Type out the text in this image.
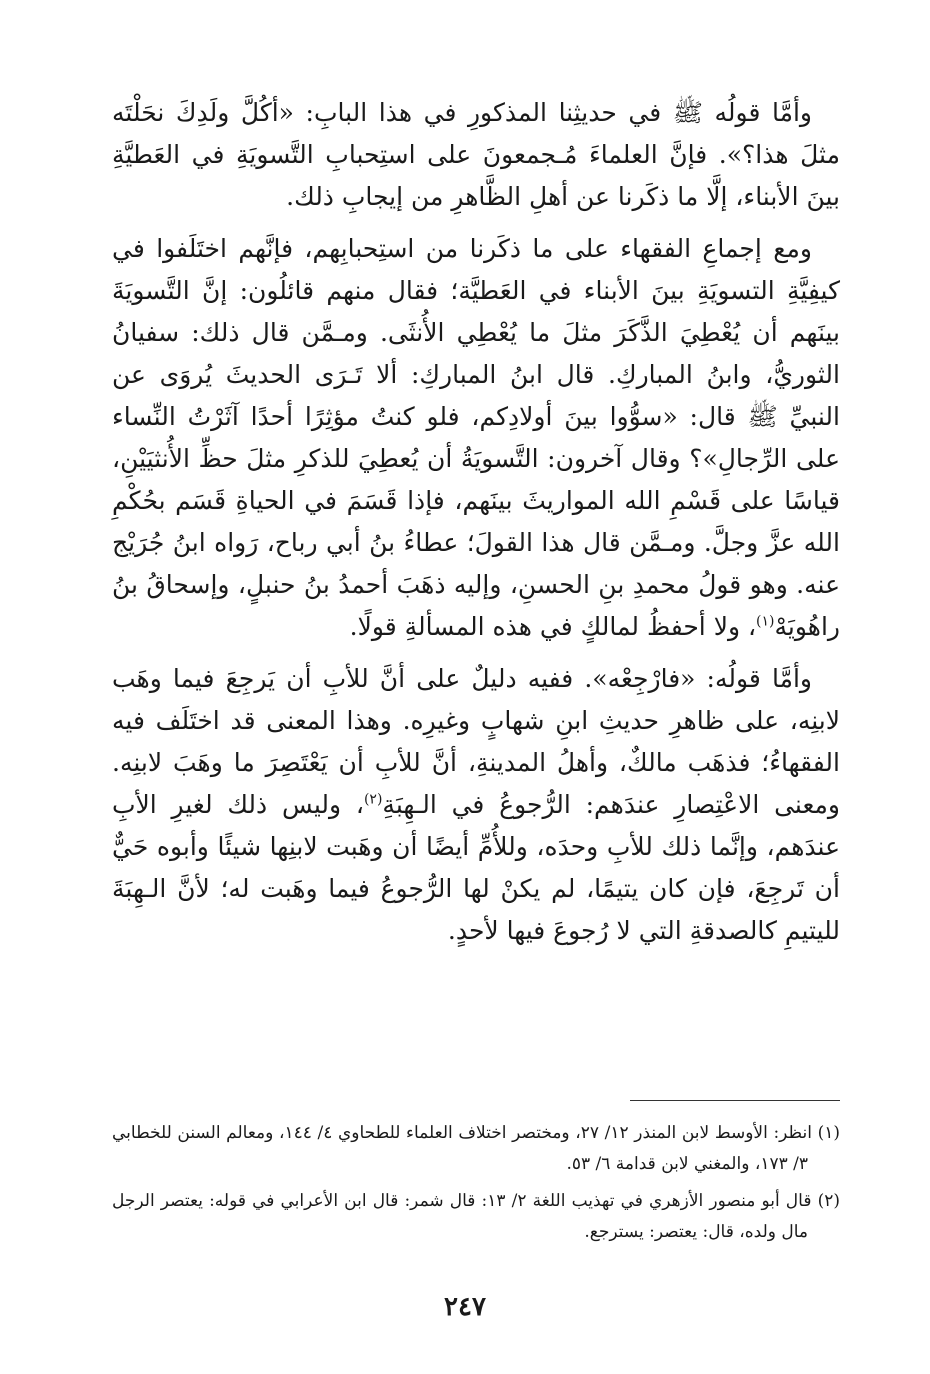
وأمَّا قولُه ﷺ في حديثِنا المذكورِ في هذا البابِ: «أكُلَّ ولَدِكَ نحَلْتَه مثلَ هذا؟». فإنَّ العلماءَ مُـجمعونَ على استِحبابِ التَّسويَةِ في العَطيَّةِ بينَ الأبناء، إلَّا ما ذكَرنا عن أهلِ الظَّاهرِ من إيجابِ ذلك.

ومع إجماعِ الفقهاء على ما ذكَرنا من استِحبابِهم، فإنَّهم اختَلَفوا في كيفِيَّةِ التسويَةِ بينَ الأبناء في العَطيَّة؛ فقال منهم قائلُون: إنَّ التَّسويَةَ بينَهم أن يُعْطِيَ الذَّكَرَ مثلَ ما يُعْطِي الأُنثَى. ومـمَّن قال ذلك: سفيانُ الثوريُّ، وابنُ المباركِ. قال ابنُ المباركِ: ألا تَـرَى الحديثَ يُروَى عن النبيِّ ﷺ قال: «سوُّوا بينَ أولادِكم، فلو كنتُ مؤثِرًا أحدًا آثَرْتُ النِّساء على الرِّجالِ»؟ وقال آخرون: التَّسويَةُ أن يُعطِيَ للذكرِ مثلَ حظِّ الأُنثيَيْنِ، قياسًا على قَسْمِ الله المواريثَ بينَهم، فإذا قَسَمَ في الحياةِ قَسَم بحُكْمِ الله عزَّ وجلَّ. ومـمَّن قال هذا القولَ؛ عطاءُ بنُ أبي رباح، رَواه ابنُ جُرَيْج عنه. وهو قولُ محمدِ بنِ الحسنِ، وإليه ذهَبَ أحمدُ بنُ حنبلٍ، وإسحاقُ بنُ راهُويَهْ$^{(١)}$، ولا أحفظُ لمالكٍ في هذه المسألةِ قولًا.

وأمَّا قولُه: «فارْجِعْه». ففيه دليلٌ على أنَّ للأبِ أن يَرجِعَ فيما وهَب لابنِه، على ظاهرِ حديثِ ابنِ شهابٍ وغيرِه. وهذا المعنى قد اختَلَف فيه الفقهاءُ؛ فذهَب مالكٌ، وأهلُ المدينةِ، أنَّ للأبِ أن يَعْتَصِرَ ما وهَبَ لابنِه. ومعنى الاعْتِصارِ عندَهم: الرُّجوعُ في الـهِبَةِ$^{(٢)}$، وليس ذلك لغيرِ الأبِ عندَهم، وإنَّما ذلك للأبِ وحدَه، وللأُمِّ أيضًا أن وهَبت لابنِها شيئًا وأبوه حَيٌّ أن تَرجِعَ، فإن كان يتيمًا، لم يكنْ لها الرُّجوعُ فيما وهَبت له؛ لأنَّ الـهِبَةَ لليتيمِ كالصدقةِ التي لا رُجوعَ فيها لأحدٍ.

(١) انظر: الأوسط لابن المنذر ١٢/ ٢٧، ومختصر اختلاف العلماء للطحاوي ٤/ ١٤٤، ومعالم السنن للخطابي ٣/ ١٧٣، والمغني لابن قدامة ٦/ ٥٣.

(٢) قال أبو منصور الأزهري في تهذيب اللغة ٢/ ١٣: قال شمر: قال ابن الأعرابي في قوله: يعتصر الرجل مال ولده، قال: يعتصر: يسترجع.

٢٤٧
